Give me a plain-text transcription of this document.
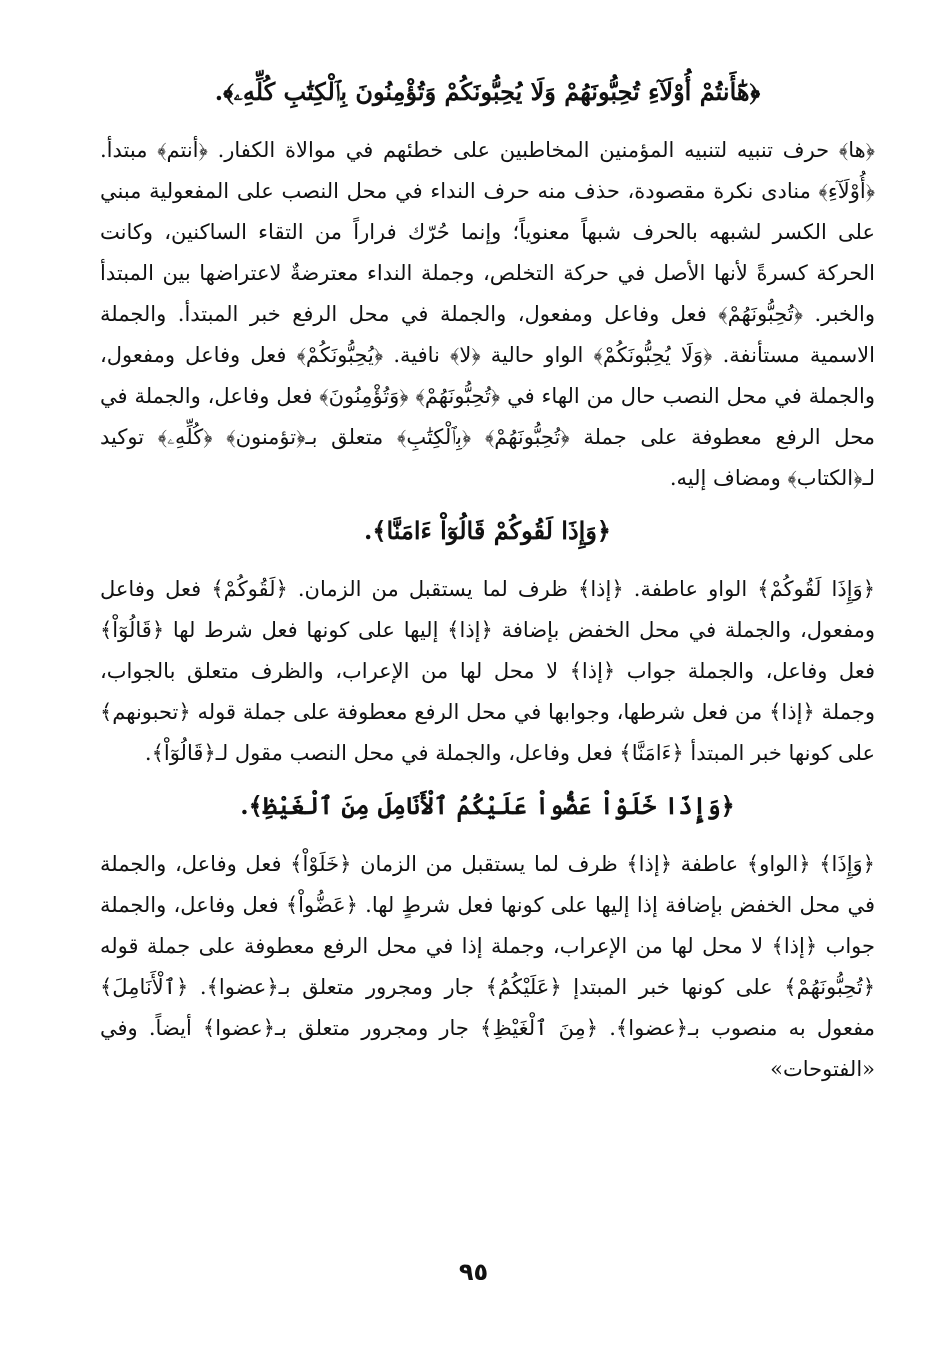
﴿هَٰٓأَنتُمْ أُوْلَآءِ تُحِبُّونَهُمْ وَلَا يُحِبُّونَكُمْ وَتُؤْمِنُونَ بِٱلْكِتَٰبِ كُلِّهِۦ﴾.

﴿ها﴾ حرف تنبيه لتنبيه المؤمنين المخاطبين على خطئهم في موالاة الكفار. ﴿أنتم﴾ مبتدأ. ﴿أُوْلَآءِ﴾ منادى نكرة مقصودة، حذف منه حرف النداء في محل النصب على المفعولية مبني على الكسر لشبهه بالحرف شبهاً معنوياً؛ وإنما حُرّك فراراً من التقاء الساكنين، وكانت الحركة كسرةً لأنها الأصل في حركة التخلص، وجملة النداء معترضةٌ لاعتراضها بين المبتدأ والخبر. ﴿تُحِبُّونَهُمْ﴾ فعل وفاعل ومفعول، والجملة في محل الرفع خبر المبتدأ. والجملة الاسمية مستأنفة. ﴿وَلَا يُحِبُّونَكُمْ﴾ الواو حالية ﴿لا﴾ نافية. ﴿يُحِبُّونَكُمْ﴾ فعل وفاعل ومفعول، والجملة في محل النصب حال من الهاء في ﴿تُحِبُّونَهُمْ﴾ ﴿وَتُؤْمِنُونَ﴾ فعل وفاعل، والجملة في محل الرفع معطوفة على جملة ﴿تُحِبُّونَهُمْ﴾ ﴿بِٱلْكِتَٰبِ﴾ متعلق بـ﴿تؤمنون﴾ ﴿كُلِّهِۦ﴾ توكيد لـ﴿الكتاب﴾ ومضاف إليه.

﴿وَإِذَا لَقُوكُمْ قَالُوٓاْ ءَامَنَّا﴾.

﴿وَإِذَا لَقُوكُمْ﴾ الواو عاطفة. ﴿إذا﴾ ظرف لما يستقبل من الزمان. ﴿لَقُوكُمْ﴾ فعل وفاعل ومفعول، والجملة في محل الخفض بإضافة ﴿إذا﴾ إليها على كونها فعل شرط لها ﴿قَالُوٓاْ﴾ فعل وفاعل، والجملة جواب ﴿إذا﴾ لا محل لها من الإعراب، والظرف متعلق بالجواب، وجملة ﴿إذا﴾ من فعل شرطها، وجوابها في محل الرفع معطوفة على جملة قوله ﴿تحبونهم﴾ على كونها خبر المبتدأ ﴿ءَامَنَّا﴾ فعل وفاعل، والجملة في محل النصب مقول لـ﴿قَالُوٓاْ﴾.

﴿وَإِذَا خَلَوْاْ عَضُّواْ عَلَيْكُمُ ٱلْأَنَامِلَ مِنَ ٱلْغَيْظِ﴾.

﴿وَإِذَا﴾ ﴿الواو﴾ عاطفة ﴿إذا﴾ ظرف لما يستقبل من الزمان ﴿خَلَوْاْ﴾ فعل وفاعل، والجملة في محل الخفض بإضافة إذا إليها على كونها فعل شرطٍ لها. ﴿عَضُّواْ﴾ فعل وفاعل، والجملة جواب ﴿إذا﴾ لا محل لها من الإعراب، وجملة إذا في محل الرفع معطوفة على جملة قوله ﴿تُحِبُّونَهُمْ﴾ على كونها خبر المبتدإ ﴿عَلَيْكُمُ﴾ جار ومجرور متعلق بـ﴿عضوا﴾. ﴿ٱلْأَنَامِلَ﴾ مفعول به منصوب بـ﴿عضوا﴾. ﴿مِنَ ٱلْغَيْظِ﴾ جار ومجرور متعلق بـ﴿عضوا﴾ أيضاً. وفي «الفتوحات»

٩٥
